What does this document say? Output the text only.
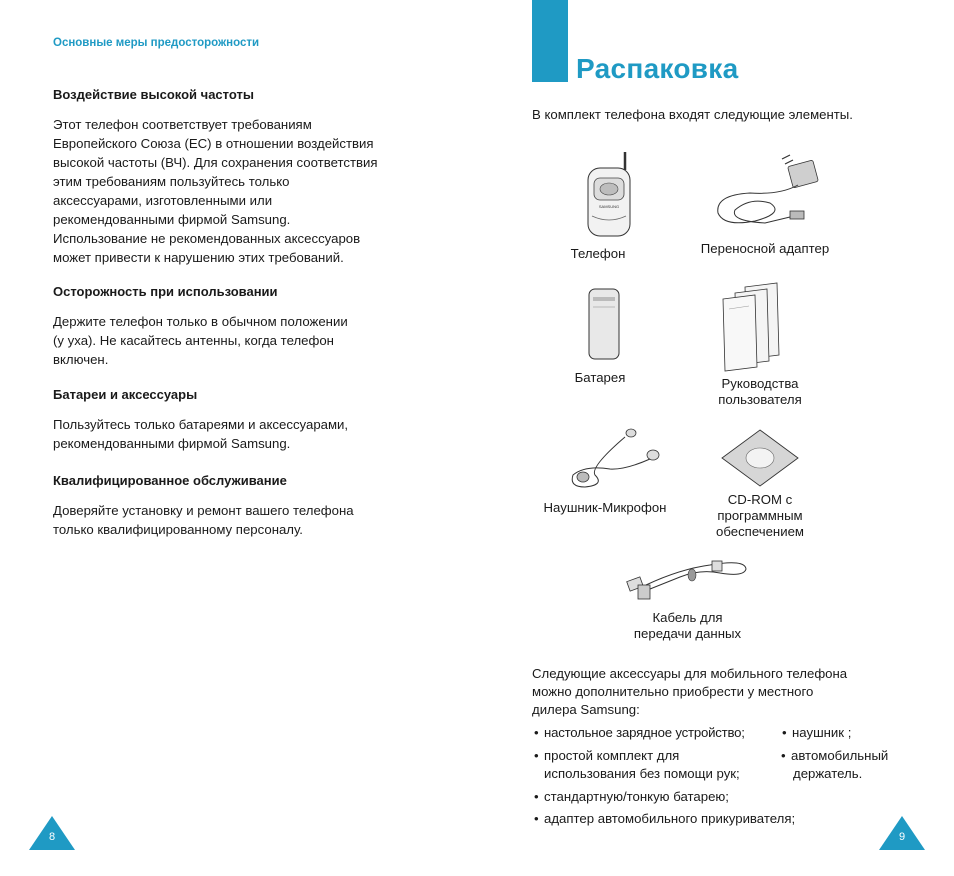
Основные меры предосторожности
Воздействие высокой частоты
Этот телефон соответствует требованиям
Европейского Союза (ЕС) в отношении воздействия
высокой частоты (ВЧ). Для сохранения соответствия
этим требованиям пользуйтесь только
аксессуарами, изготовленными или
рекомендованными фирмой Samsung.
Использование не рекомендованных аксессуаров
может привести к нарушению этих требований.
Осторожность при использовании
Держите телефон только в обычном положении
(у уха). Не касайтесь антенны, когда телефон
включен.
Батареи и аксессуары
Пользуйтесь только батареями и аксессуарами,
рекомендованными фирмой Samsung.
Квалифицированное обслуживание
Доверяйте установку и ремонт вашего телефона
только квалифицированному персоналу.
8
Распаковка
В комплект телефона входят следующие элементы.
SAMSUNG
Телефон	Переносной адаптер
Батарея	Руководства
пользователя
Наушник-Микрофон
CD-ROM с
программным
обеспечением
Кабель для
передачи данных
Следующие аксессуары для мобильного телефона
можно дополнительно приобрести у местного
дилера Samsung:
• настольное зарядное устройство;	• наушник ;
• простой комплект для
использования без помощи рук;
• автомобильный
держатель.
• стандартную/тонкую батарею;
• адаптер автомобильного прикуривателя;
9
